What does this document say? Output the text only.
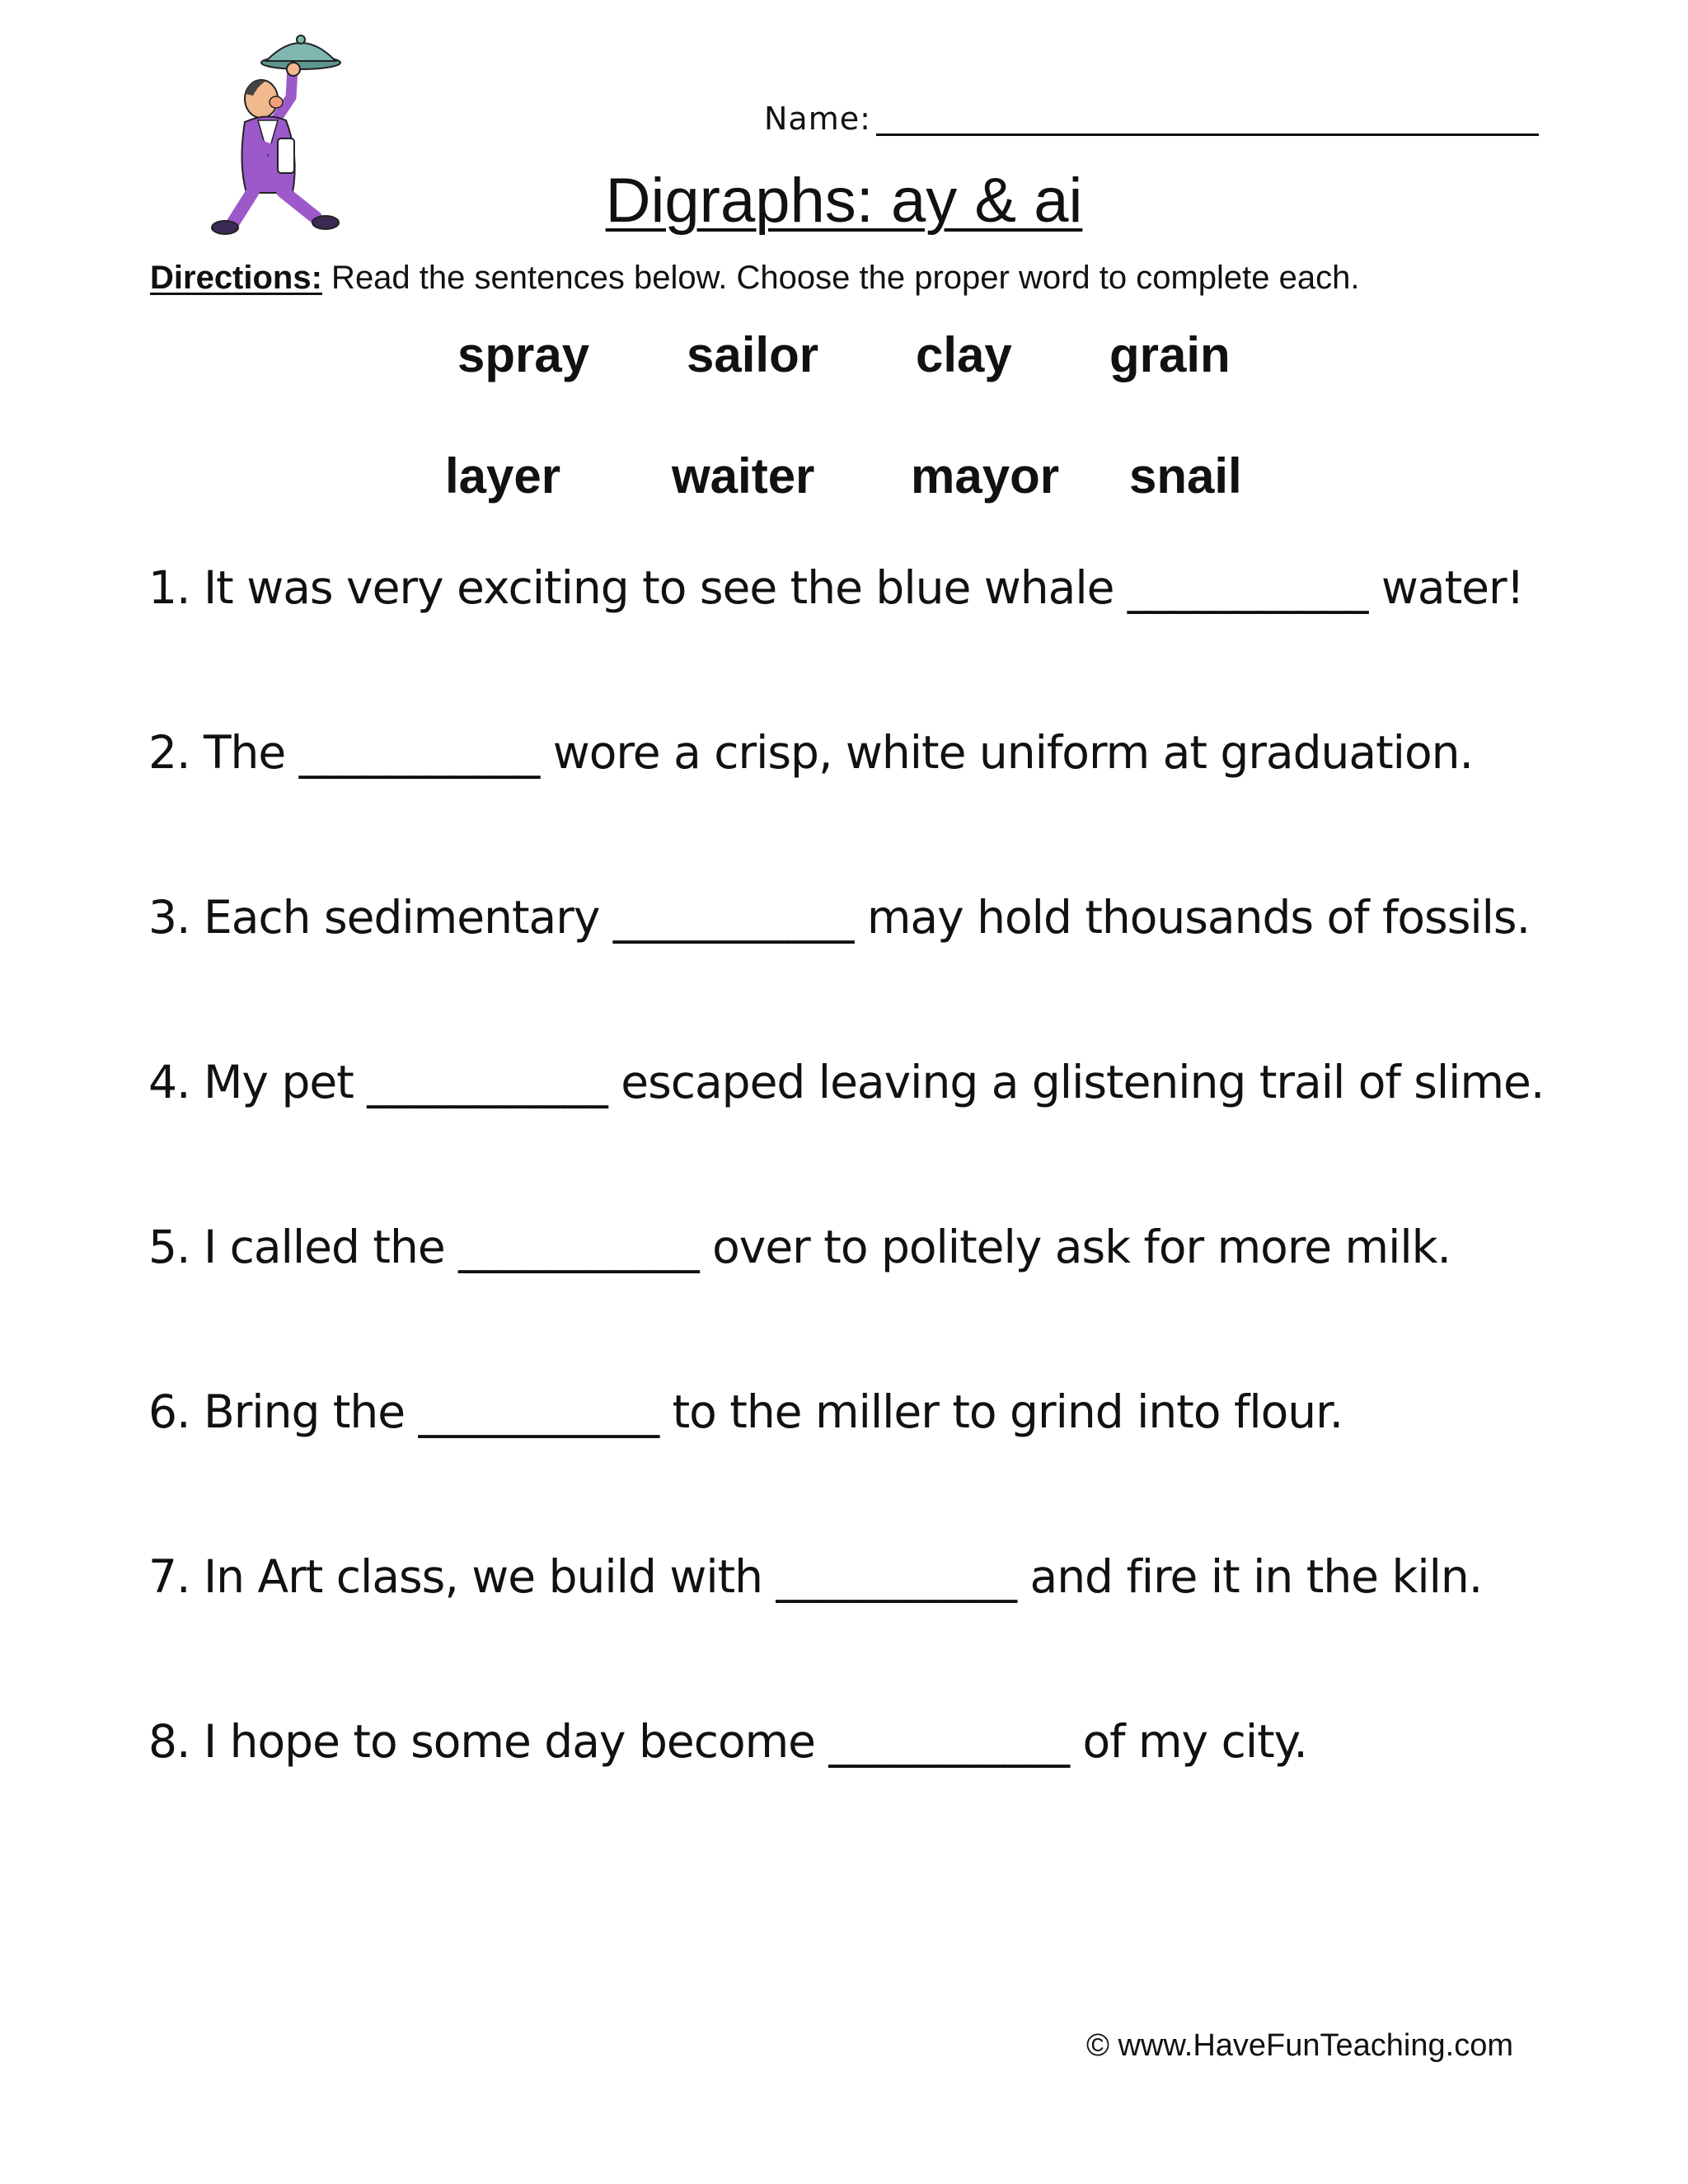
Name:
Digraphs: ay & ai
Directions: Read the sentences below. Choose the proper word to complete each.
spray sailor clay grain
layer waiter mayor snail
1. It was very exciting to see the blue whale ___________ water!
2. The ___________ wore a crisp, white uniform at graduation.
3. Each sedimentary ___________ may hold thousands of fossils.
4. My pet ___________ escaped leaving a glistening trail of slime.
5. I called the ___________ over to politely ask for more milk.
6. Bring the ___________ to the miller to grind into flour.
7. In Art class, we build with ___________ and fire it in the kiln.
8. I hope to some day become ___________ of my city.
© www.HaveFunTeaching.com
